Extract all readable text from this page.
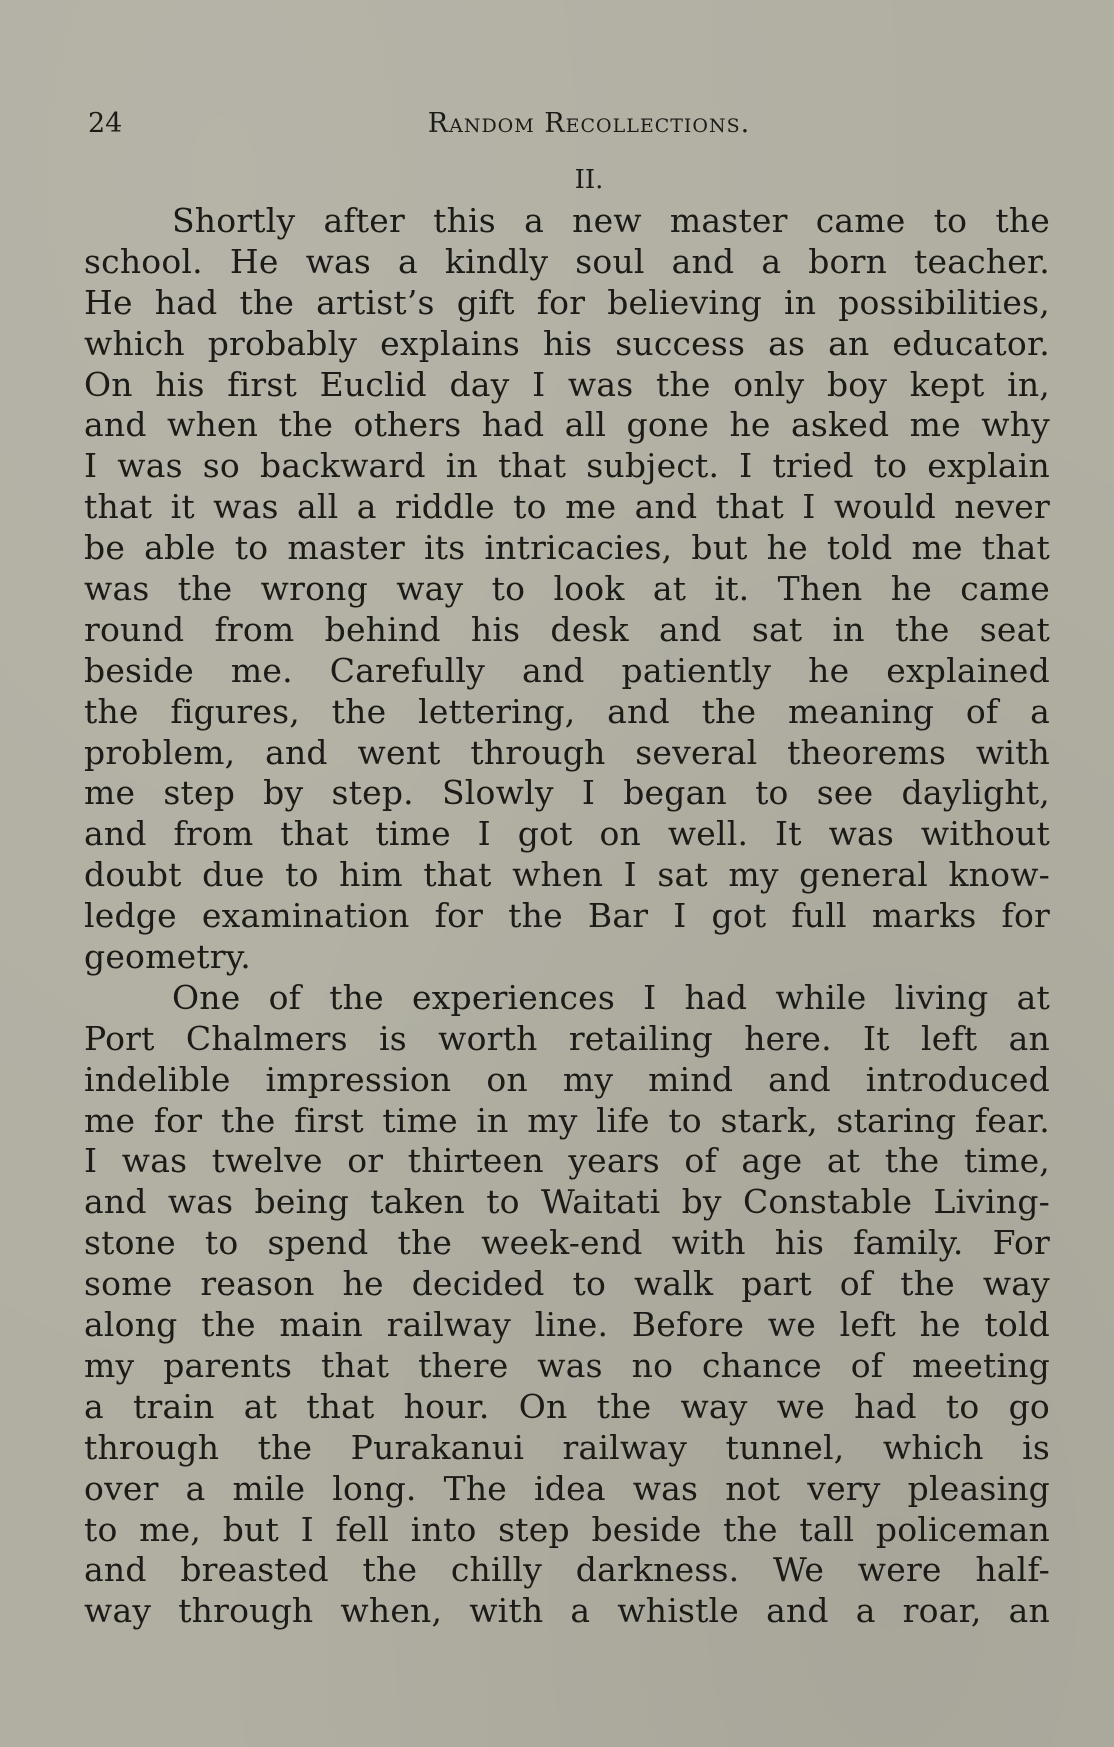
24	Random Recollections.
II.
Shortly after this a new master came to the
school. He was a kindly soul and a born teacher.
He had the artist’s gift for believing in possibilities,
which probably explains his success as an educator.
On his first Euclid day I was the only boy kept in,
and when the others had all gone he asked me why
I was so backward in that subject. I tried to explain
that it was all a riddle to me and that I would never
be able to master its intricacies, but he told me that
was the wrong way to look at it. Then he came
round from behind his desk and sat in the seat
beside me. Carefully and patiently he explained
the figures, the lettering, and the meaning of a
problem, and went through several theorems with
me step by step. Slowly I began to see daylight,
and from that time I got on well. It was without
doubt due to him that when I sat my general know-
ledge examination for the Bar I got full marks for
geometry.
One of the experiences I had while living at
Port Chalmers is worth retailing here. It left an
indelible impression on my mind and introduced
me for the first time in my life to stark, staring fear.
I was twelve or thirteen years of age at the time,
and was being taken to Waitati by Constable Living-
stone to spend the week-end with his family. For
some reason he decided to walk part of the way
along the main railway line. Before we left he told
my parents that there was no chance of meeting
a train at that hour. On the way we had to go
through the Purakanui railway tunnel, which is
over a mile long. The idea was not very pleasing
to me, but I fell into step beside the tall policeman
and breasted the chilly darkness. We were half-
way through when, with a whistle and a roar, an
